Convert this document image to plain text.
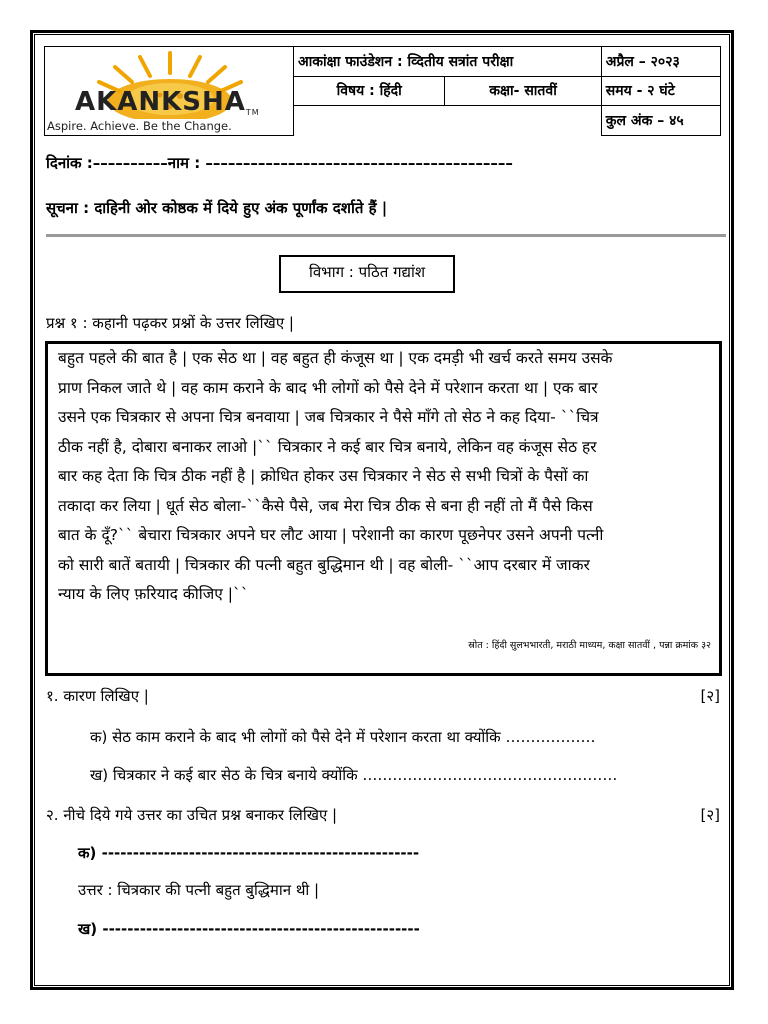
AKANKSHATM
Aspire. Achieve. Be the Change.	आकांक्षा फाउंडेशन : व्दितीय सत्रांत परीक्षा		अप्रैल – २०२३
	विषय : हिंदी	कक्षा- सातवीं	समय - २ घंटे
			कुल अंक – ४५
दिनांक :––––––––––नाम : –––––––––––––––––––––––––––––––––––––––––
सूचना : दाहिनी ओर कोष्ठक में दिये हुए अंक पूर्णांक दर्शाते हैं |
विभाग : पठित गद्यांश
प्रश्न १ : कहानी पढ़कर प्रश्नों के उत्तर लिखिए |

बहुत पहले की बात है | एक सेठ था | वह बहुत ही कंजूस था | एक दमड़ी भी खर्च करते समय उसके

प्राण निकल जाते थे | वह काम कराने के बाद भी लोगों को पैसे देने में परेशान करता था | एक बार

उसने एक चित्रकार से अपना चित्र बनवाया | जब चित्रकार ने पैसे माँगे तो सेठ ने कह दिया- ``चित्र

ठीक नहीं है, दोबारा बनाकर लाओ |`` चित्रकार ने कई बार चित्र बनाये, लेकिन वह कंजूस सेठ हर

बार कह देता कि चित्र ठीक नहीं है | क्रोधित होकर उस चित्रकार ने सेठ से सभी चित्रों के पैसों का

तकादा कर लिया | धूर्त सेठ बोला-``कैसे पैसे, जब मेरा चित्र ठीक से बना ही नहीं तो मैं पैसे किस

बात के दूँ?`` बेचारा चित्रकार अपने घर लौट आया | परेशानी का कारण पूछनेपर उसने अपनी पत्नी

को सारी बातें बतायी | चित्रकार की पत्नी बहुत बुद्धिमान थी | वह बोली- ``आप दरबार में जाकर

न्याय के लिए फ़रियाद कीजिए |``

स्रोत : हिंदी सुलभभारती, मराठी माध्यम, कक्षा सातवीं , पन्ना क्रमांक ३२
१. कारण लिखिए |	[२]
क) सेठ काम कराने के बाद भी लोगों को पैसे देने में परेशान करता था क्योंकि ………………
ख) चित्रकार ने कई बार सेठ के चित्र बनाये क्योंकि ……………………………………………
२. नीचे दिये गये उत्तर का उचित प्रश्न बनाकर लिखिए |	[२]
क) ---------------------------------------------------
उत्तर : चित्रकार की पत्नी बहुत बुद्धिमान थी |
ख) ---------------------------------------------------
